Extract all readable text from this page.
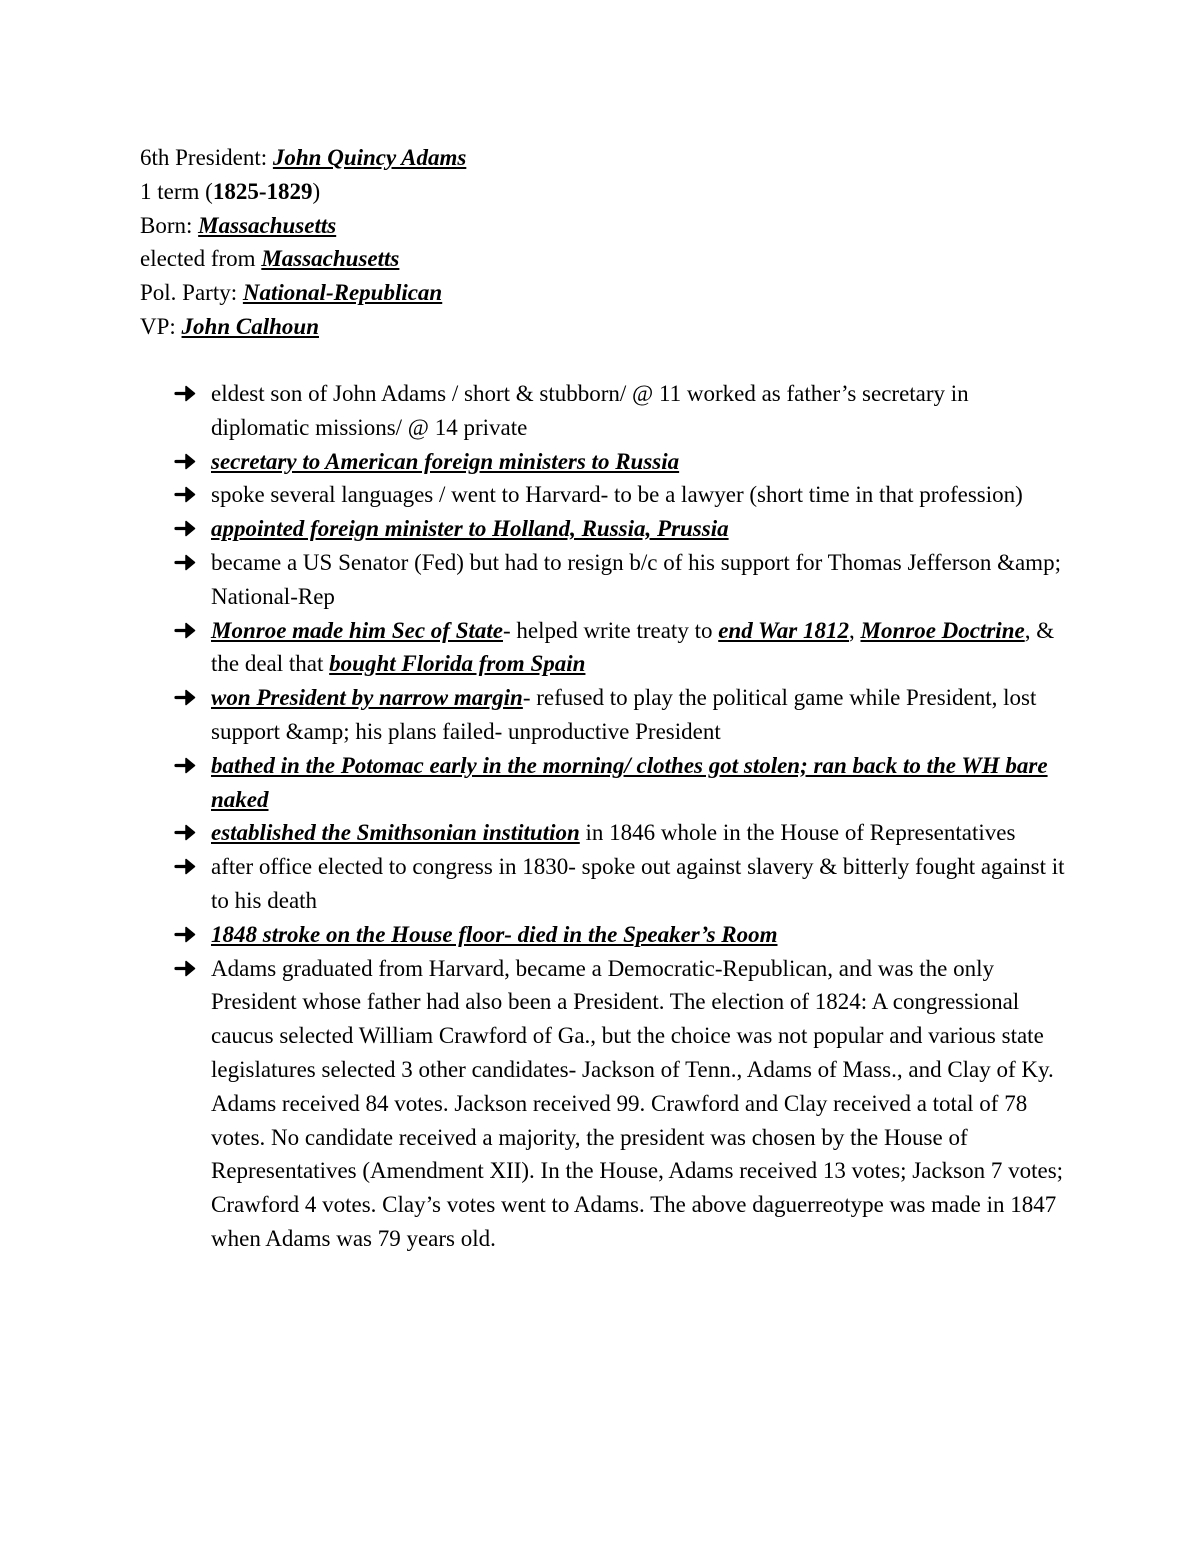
6th President: John Quincy Adams
1 term (1825-1829)
Born: Massachusetts
elected from Massachusetts
Pol. Party: National-Republican
VP: John Calhoun
eldest son of John Adams / short & stubborn/ @ 11 worked as father’s secretary in diplomatic missions/ @ 14 private
secretary to American foreign ministers to Russia
spoke several languages / went to Harvard- to be a lawyer (short time in that profession)
appointed foreign minister to Holland, Russia, Prussia
became a US Senator (Fed) but had to resign b/c of his support for Thomas Jefferson &amp; National-Rep
Monroe made him Sec of State- helped write treaty to end War 1812, Monroe Doctrine, & the deal that bought Florida from Spain
won President by narrow margin- refused to play the political game while President, lost support &amp; his plans failed- unproductive President
bathed in the Potomac early in the morning/ clothes got stolen; ran back to the WH bare naked
established the Smithsonian institution in 1846 whole in the House of Representatives
after office elected to congress in 1830- spoke out against slavery & bitterly fought against it to his death
1848 stroke on the House floor- died in the Speaker’s Room
Adams graduated from Harvard, became a Democratic-Republican, and was the only President whose father had also been a President. The election of 1824: A congressional caucus selected William Crawford of Ga., but the choice was not popular and various state legislatures selected 3 other candidates- Jackson of Tenn., Adams of Mass., and Clay of Ky. Adams received 84 votes. Jackson received 99. Crawford and Clay received a total of 78 votes. No candidate received a majority, the president was chosen by the House of Representatives (Amendment XII). In the House, Adams received 13 votes; Jackson 7 votes; Crawford 4 votes. Clay’s votes went to Adams. The above daguerreotype was made in 1847 when Adams was 79 years old.
